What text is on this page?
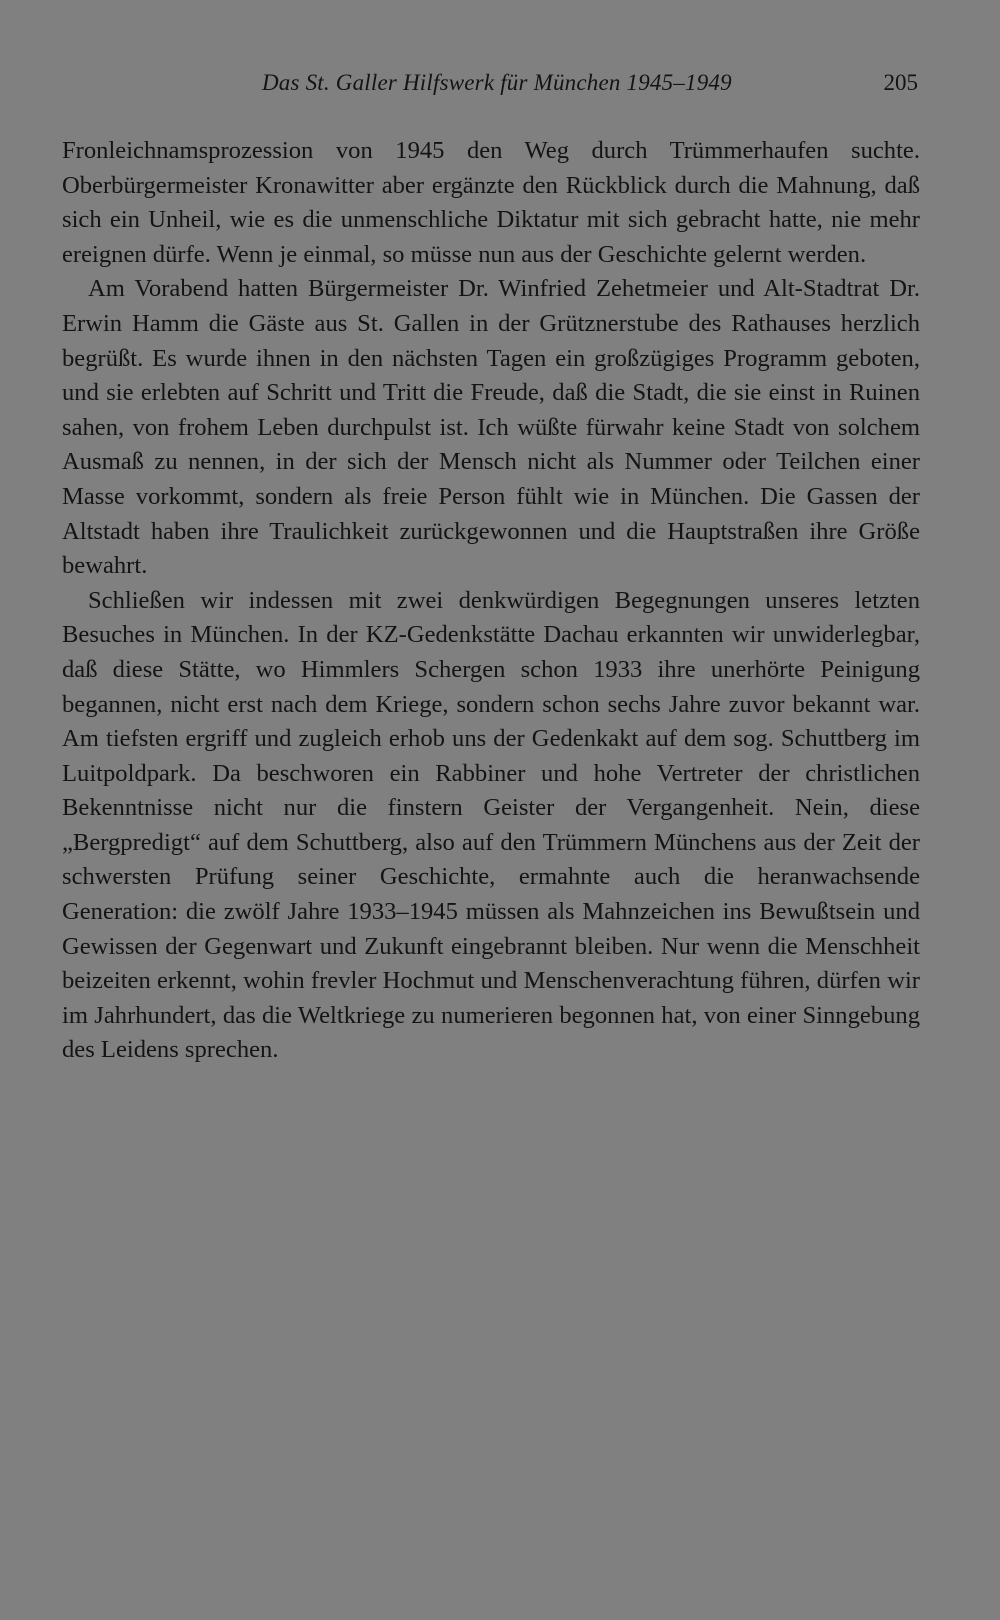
Das St. Galler Hilfswerk für München 1945–1949	205

Fronleichnamsprozession von 1945 den Weg durch Trümmerhaufen suchte. Oberbürgermeister Kronawitter aber ergänzte den Rückblick durch die Mahnung, daß sich ein Unheil, wie es die unmenschliche Diktatur mit sich gebracht hatte, nie mehr ereignen dürfe. Wenn je einmal, so müsse nun aus der Geschichte gelernt werden.

Am Vorabend hatten Bürgermeister Dr. Winfried Zehetmeier und Alt-Stadtrat Dr. Erwin Hamm die Gäste aus St. Gallen in der Grütznerstube des Rathauses herzlich begrüßt. Es wurde ihnen in den nächsten Tagen ein großzügiges Programm geboten, und sie erlebten auf Schritt und Tritt die Freude, daß die Stadt, die sie einst in Ruinen sahen, von frohem Leben durchpulst ist. Ich wüßte fürwahr keine Stadt von solchem Ausmaß zu nennen, in der sich der Mensch nicht als Nummer oder Teilchen einer Masse vorkommt, sondern als freie Person fühlt wie in München. Die Gassen der Altstadt haben ihre Traulichkeit zurückgewonnen und die Hauptstraßen ihre Größe bewahrt.

Schließen wir indessen mit zwei denkwürdigen Begegnungen unseres letzten Besuches in München. In der KZ-Gedenkstätte Dachau erkannten wir unwiderlegbar, daß diese Stätte, wo Himmlers Schergen schon 1933 ihre unerhörte Peinigung begannen, nicht erst nach dem Kriege, sondern schon sechs Jahre zuvor bekannt war. Am tiefsten ergriff und zugleich erhob uns der Gedenkakt auf dem sog. Schuttberg im Luitpoldpark. Da beschworen ein Rabbiner und hohe Vertreter der christlichen Bekenntnisse nicht nur die finstern Geister der Vergangenheit. Nein, diese „Bergpredigt“ auf dem Schuttberg, also auf den Trümmern Münchens aus der Zeit der schwersten Prüfung seiner Geschichte, ermahnte auch die heranwachsende Generation: die zwölf Jahre 1933–1945 müssen als Mahnzeichen ins Bewußtsein und Gewissen der Gegenwart und Zukunft eingebrannt bleiben. Nur wenn die Menschheit beizeiten erkennt, wohin frevler Hochmut und Menschenverachtung führen, dürfen wir im Jahrhundert, das die Weltkriege zu numerieren begonnen hat, von einer Sinngebung des Leidens sprechen.
